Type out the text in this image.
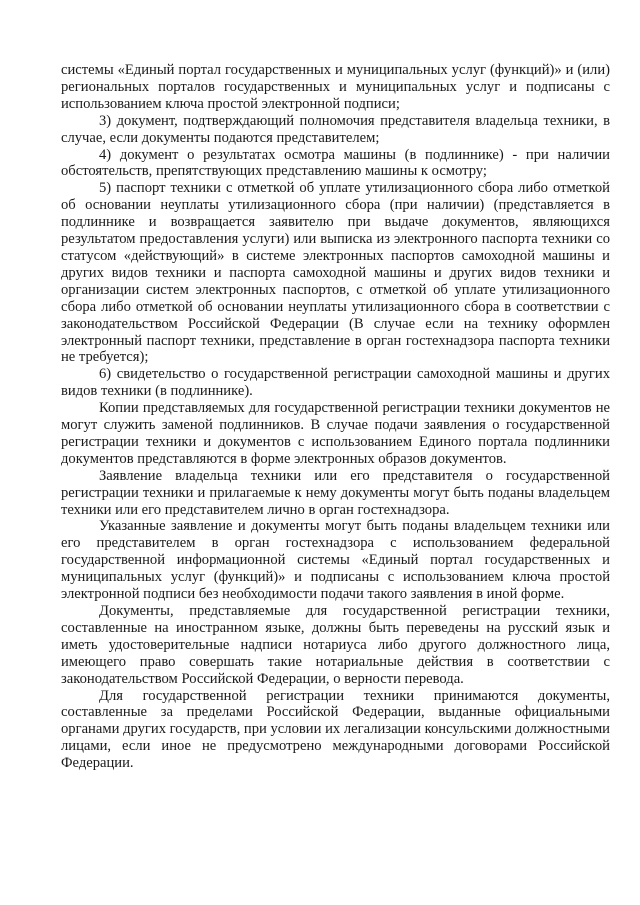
системы «Единый портал государственных и муниципальных услуг (функций)» и (или) региональных порталов государственных и муниципальных услуг и подписаны с использованием ключа простой электронной подписи;

3) документ, подтверждающий полномочия представителя владельца техники, в случае, если документы подаются представителем;

4) документ о результатах осмотра машины (в подлиннике) - при наличии обстоятельств, препятствующих представлению машины к осмотру;

5) паспорт техники с отметкой об уплате утилизационного сбора либо отметкой об основании неуплаты утилизационного сбора (при наличии) (представляется в подлиннике и возвращается заявителю при выдаче документов, являющихся результатом предоставления услуги) или выписка из электронного паспорта техники со статусом «действующий» в системе электронных паспортов самоходной машины и других видов техники и паспорта самоходной машины и других видов техники и организации систем электронных паспортов, с отметкой об уплате утилизационного сбора либо отметкой об основании неуплаты утилизационного сбора в соответствии с законодательством Российской Федерации (В случае если на технику оформлен электронный паспорт техники, представление в орган гостехнадзора паспорта техники не требуется);

6) свидетельство о государственной регистрации самоходной машины и других видов техники (в подлиннике).

Копии представляемых для государственной регистрации техники документов не могут служить заменой подлинников. В случае подачи заявления о государственной регистрации техники и документов с использованием Единого портала подлинники документов представляются в форме электронных образов документов.

Заявление владельца техники или его представителя о государственной регистрации техники и прилагаемые к нему документы могут быть поданы владельцем техники или его представителем лично в орган гостехнадзора.

Указанные заявление и документы могут быть поданы владельцем техники или его представителем в орган гостехнадзора с использованием федеральной государственной информационной системы «Единый портал государственных и муниципальных услуг (функций)» и подписаны с использованием ключа простой электронной подписи без необходимости подачи такого заявления в иной форме.

Документы, представляемые для государственной регистрации техники, составленные на иностранном языке, должны быть переведены на русский язык и иметь удостоверительные надписи нотариуса либо другого должностного лица, имеющего право совершать такие нотариальные действия в соответствии с законодательством Российской Федерации, о верности перевода.

Для государственной регистрации техники принимаются документы, составленные за пределами Российской Федерации, выданные официальными органами других государств, при условии их легализации консульскими должностными лицами, если иное не предусмотрено международными договорами Российской Федерации.
